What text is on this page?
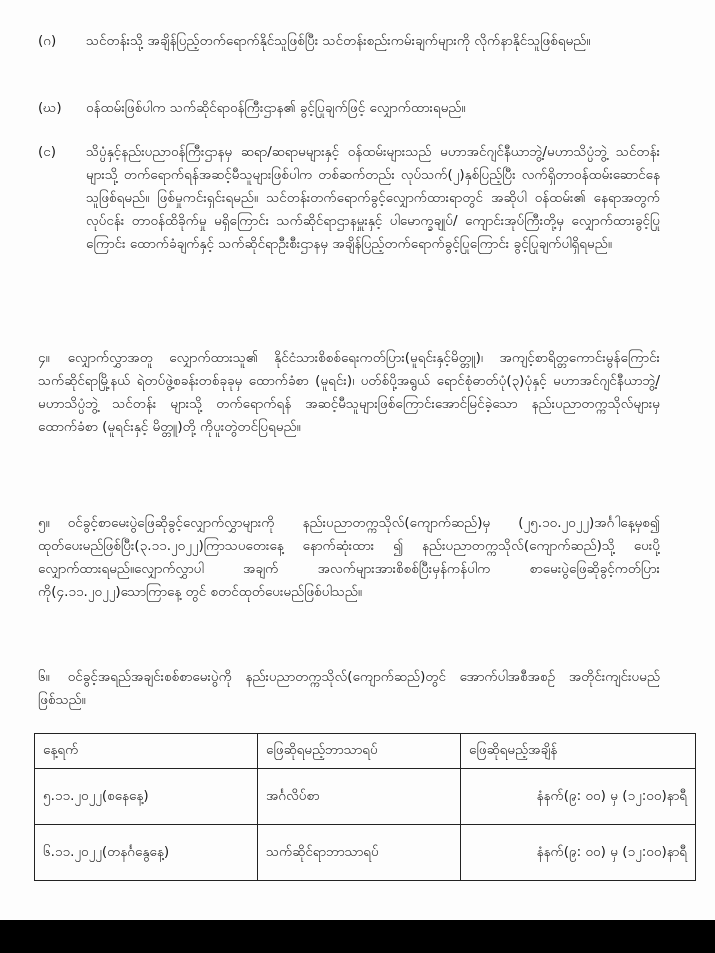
(ဂ) သင်တန်းသို့ အချိန်ပြည့်တက်ရောက်နိုင်သူဖြစ်ပြီး သင်တန်းစည်းကမ်းချက်များကို လိုက်နာနိုင်သူဖြစ်ရမည်။
(ဃ) ဝန်ထမ်းဖြစ်ပါက သက်ဆိုင်ရာဝန်ကြီးဌာန၏ ခွင့်ပြုချက်ဖြင့် လျှောက်ထားရမည်။
(င) သိပ္ပံနှင့်နည်းပညာဝန်ကြီးဌာနမှ ဆရာ/ဆရာမများနှင့် ဝန်ထမ်းများသည် မဟာအင်ဂျင်နီယာဘွဲ့/မဟာသိပ္ပံဘွဲ့ သင်တန်းများသို့ တက်ရောက်ရန်အဆင့်မီသူများဖြစ်ပါက တစ်ဆက်တည်း လုပ်သက်(၂)နှစ်ပြည့်ပြီး လက်ရှိတာဝန်ထမ်းဆောင်နေသူဖြစ်ရမည်။ ဖြစ်မှုကင်းရှင်းရမည်။ သင်တန်းတက်ရောက်ခွင့်လျှောက်ထားရာတွင် အဆိုပါ ဝန်ထမ်း၏ နေရာအတွက် လုပ်ငန်း တာဝန်ထိခိုက်မှု မရှိကြောင်း သက်ဆိုင်ရာဌာနမှူးနှင့် ပါမောက္ခချုပ်/ ကျောင်းအုပ်ကြီးတို့မှ လျှောက်ထားခွင့်ပြုကြောင်း ထောက်ခံချက်နှင့် သက်ဆိုင်ရာဦးစီးဌာနမှ အချိန်ပြည့်တက်ရောက်ခွင့်ပြုကြောင်း ခွင့်ပြုချက်ပါရှိရမည်။
၄။ လျှောက်လွှာအတူ လျှောက်ထားသူ၏ နိုင်ငံသားစိစစ်ရေးကတ်ပြား(မူရင်းနှင့်မိတ္တူ)၊ အကျင့်စာရိတ္တကောင်းမွန်ကြောင်း သက်ဆိုင်ရာမြို့နယ် ရဲတပ်ဖွဲ့စခန်းတစ်ခုခုမှ ထောက်ခံစာ (မူရင်း)၊ ပတ်စ်ပို့အရွယ် ရောင်စုံဓာတ်ပုံ(၃)ပုံနှင့် မဟာအင်ဂျင်နီယာဘွဲ့/မဟာသိပ္ပံဘွဲ့ သင်တန်း များသို့ တက်ရောက်ရန် အဆင့်မီသူများဖြစ်ကြောင်းအောင်မြင်ခဲ့သော နည်းပညာတက္ကသိုလ်များမှထောက်ခံစာ (မူရင်းနှင့် မိတ္တူ)တို့ ကိုပူးတွဲတင်ပြရမည်။
၅။ ဝင်ခွင့်စာမေးပွဲဖြေဆိုခွင့်လျှောက်လွှာများကို နည်းပညာတက္ကသိုလ်(ကျောက်ဆည်)မှ (၂၅.၁၀.၂၀၂၂)အင်္ဂါနေ့မှစ၍ ထုတ်ပေးမည်ဖြစ်ပြီး(၃.၁၁.၂၀၂၂)ကြာသပတေးနေ့ နောက်ဆုံးထား ၍ နည်းပညာတက္ကသိုလ်(ကျောက်ဆည်)သို့ ပေးပို့လျှောက်ထားရမည်။လျှောက်လွှာပါ အချက် အလက်များအားစိစစ်ပြီးမှန်ကန်ပါက စာမေးပွဲဖြေဆိုခွင့်ကတ်ပြားကို(၄.၁၁.၂၀၂၂)သောကြာနေ့ တွင် စတင်ထုတ်ပေးမည်ဖြစ်ပါသည်။
၆။ ဝင်ခွင့်အရည်အချင်းစစ်စာမေးပွဲကို နည်းပညာတက္ကသိုလ်(ကျောက်ဆည်)တွင် အောက်ပါအစီအစဉ် အတိုင်းကျင်းပမည်ဖြစ်သည်။
နေ့ရက်	ဖြေဆိုရမည့်ဘာသာရပ်	ဖြေဆိုရမည့်အချိန်
၅.၁၁.၂၀၂၂(စနေနေ့)	အင်္ဂလိပ်စာ	နံနက်(၉: ၀၀) မှ (၁၂:၀၀)နာရီ
၆.၁၁.၂၀၂၂(တနင်္ဂနွေနေ့)	သက်ဆိုင်ရာဘာသာရပ်	နံနက်(၉: ၀၀) မှ (၁၂:၀၀)နာရီ
